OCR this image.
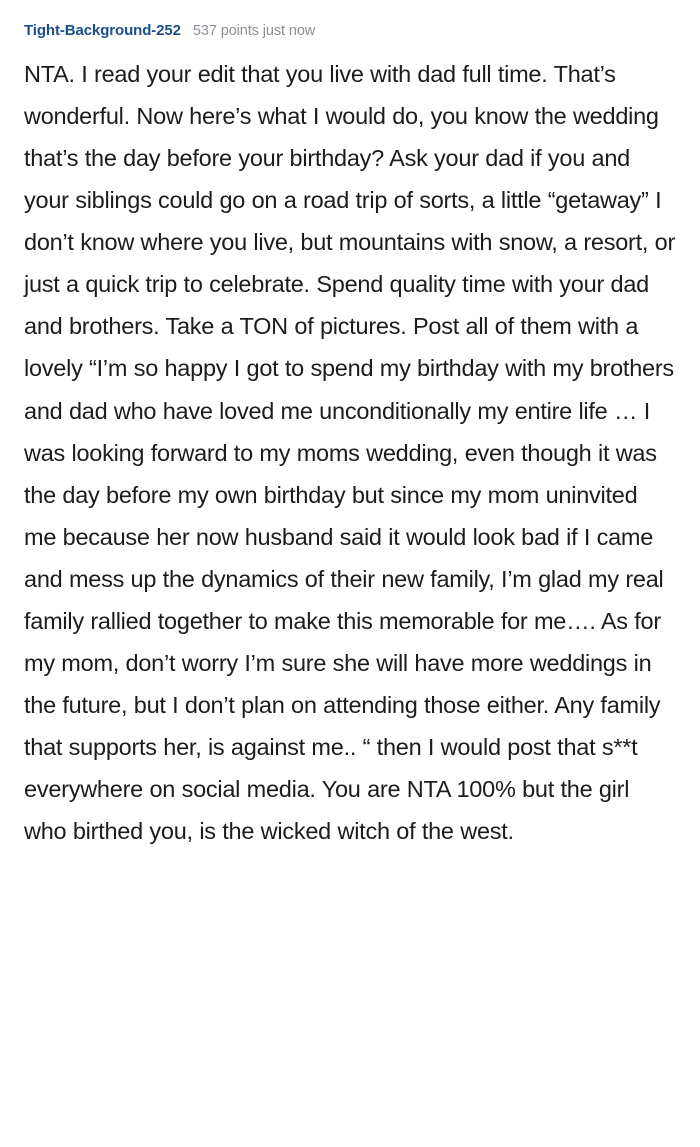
Tight-Background-252 537 points just now
NTA. I read your edit that you live with dad full time. That’s wonderful. Now here’s what I would do, you know the wedding that’s the day before your birthday? Ask your dad if you and your siblings could go on a road trip of sorts, a little “getaway” I don’t know where you live, but mountains with snow, a resort, or just a quick trip to celebrate. Spend quality time with your dad and brothers. Take a TON of pictures. Post all of them with a lovely “I’m so happy I got to spend my birthday with my brothers and dad who have loved me unconditionally my entire life … I was looking forward to my moms wedding, even though it was the day before my own birthday but since my mom uninvited me because her now husband said it would look bad if I came and mess up the dynamics of their new family, I’m glad my real family rallied together to make this memorable for me…. As for my mom, don’t worry I’m sure she will have more weddings in the future, but I don’t plan on attending those either. Any family that supports her, is against me.. “ then I would post that s**t everywhere on social media. You are NTA 100% but the girl who birthed you, is the wicked witch of the west.
